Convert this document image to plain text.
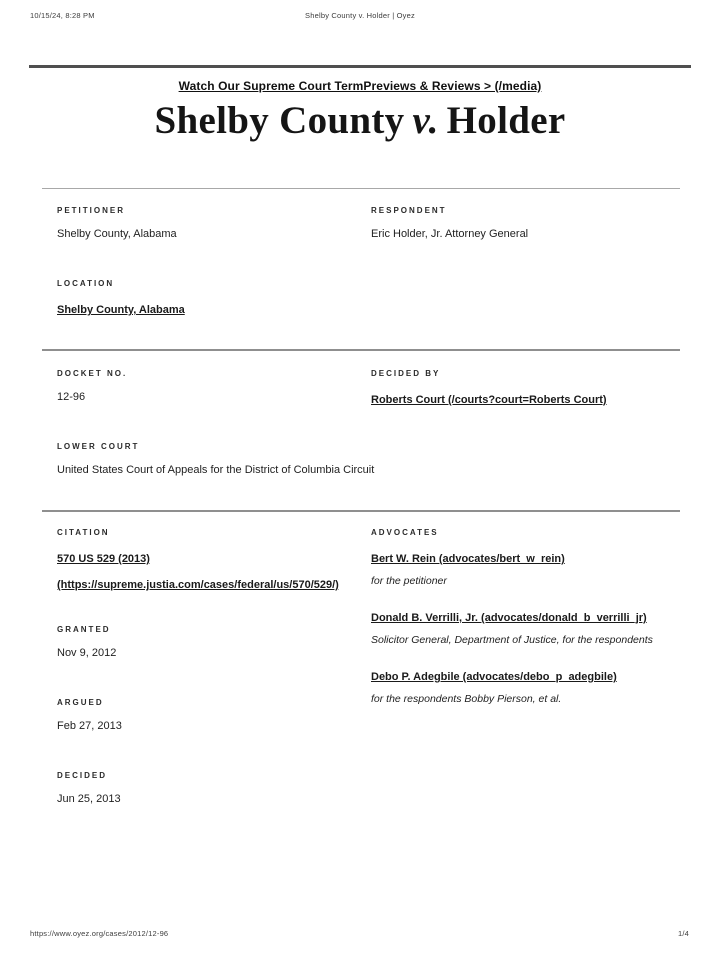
10/15/24, 8:28 PM	Shelby County v. Holder | Oyez
Watch Our Supreme Court TermPreviews & Reviews > (/media)
Shelby County v. Holder
PETITIONER
Shelby County, Alabama
RESPONDENT
Eric Holder, Jr. Attorney General
LOCATION
Shelby County, Alabama
DOCKET NO.
12-96
DECIDED BY
Roberts Court (/courts?court=Roberts Court)
LOWER COURT
United States Court of Appeals for the District of Columbia Circuit
CITATION
570 US 529 (2013)
(https://supreme.justia.com/cases/federal/us/570/529/)
GRANTED
Nov 9, 2012
ARGUED
Feb 27, 2013
DECIDED
Jun 25, 2013
ADVOCATES
Bert W. Rein (advocates/bert_w_rein)
for the petitioner
Donald B. Verrilli, Jr. (advocates/donald_b_verrilli_jr)
Solicitor General, Department of Justice, for the respondents
Debo P. Adegbile (advocates/debo_p_adegbile)
for the respondents Bobby Pierson, et al.
https://www.oyez.org/cases/2012/12-96	1/4
